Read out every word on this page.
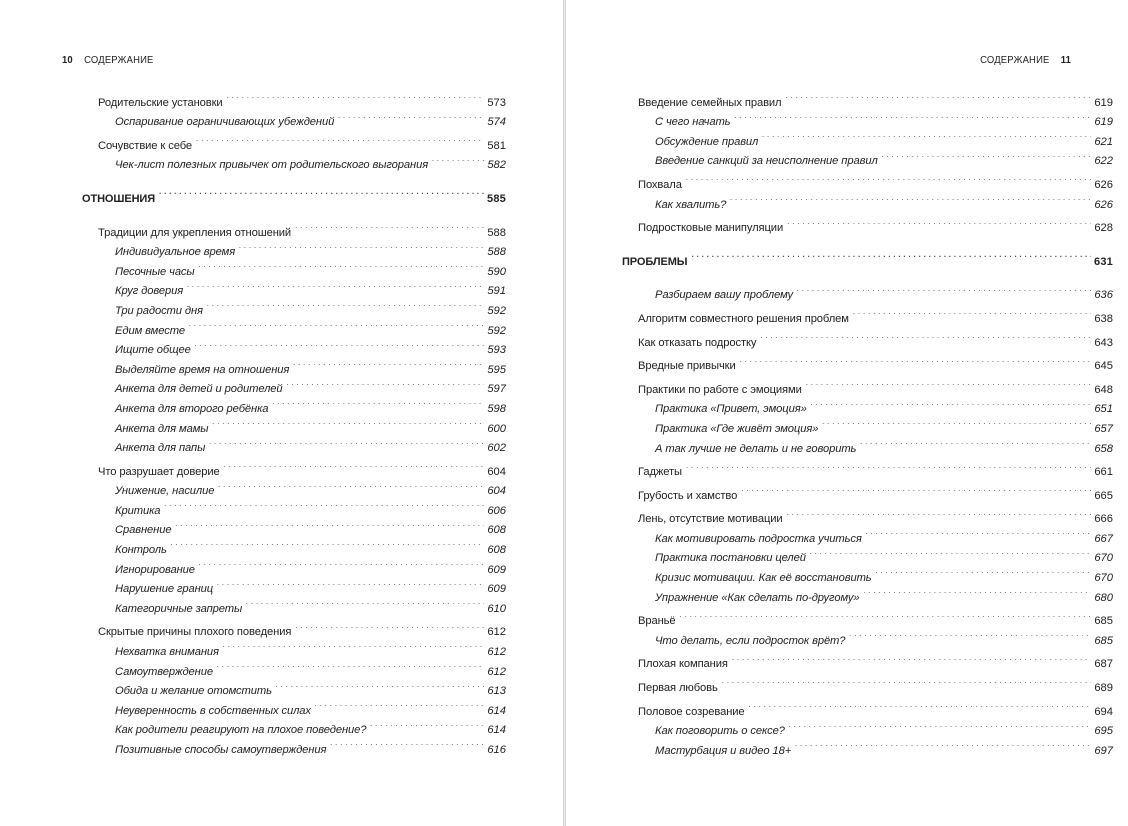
10 СОДЕРЖАНИЕ
Родительские установки . . .	573
Оспаривание ограничивающих убеждений . . .	574
Сочувствие к себе . . .	581
Чек-лист полезных привычек от родительского выгорания . . .	582
ОТНОШЕНИЯ . . .	585
Традиции для укрепления отношений . . .	588
Индивидуальное время . . .	588
Песочные часы . . .	590
Круг доверия . . .	591
Три радости дня . . .	592
Едим вместе . . .	592
Ищите общее . . .	593
Выделяйте время на отношения . . .	595
Анкета для детей и родителей . . .	597
Анкета для второго ребёнка . . .	598
Анкета для мамы . . .	600
Анкета для папы . . .	602
Что разрушает доверие . . .	604
Унижение, насилие . . .	604
Критика . . .	606
Сравнение . . .	608
Контроль . . .	608
Игнорирование . . .	609
Нарушение границ . . .	609
Категоричные запреты . . .	610
Скрытые причины плохого поведения . . .	612
Нехватка внимания . . .	612
Самоутверждение . . .	612
Обида и желание отомстить . . .	613
Неуверенность в собственных силах . . .	614
Как родители реагируют на плохое поведение? . . .	614
Позитивные способы самоутверждения . . .	616
СОДЕРЖАНИЕ 11
Введение семейных правил . . .	619
С чего начать . . .	619
Обсуждение правил . . .	621
Введение санкций за неисполнение правил . . .	622
Похвала . . .	626
Как хвалить? . . .	626
Подростковые манипуляции . . .	628
ПРОБЛЕМЫ . . .	631
Разбираем вашу проблему . . .	636
Алгоритм совместного решения проблем . . .	638
Как отказать подростку . . .	643
Вредные привычки . . .	645
Практики по работе с эмоциями . . .	648
Практика «Привет, эмоция» . . .	651
Практика «Где живёт эмоция» . . .	657
А так лучше не делать и не говорить . . .	658
Гаджеты . . .	661
Грубость и хамство . . .	665
Лень, отсутствие мотивации . . .	666
Как мотивировать подростка учиться . . .	667
Практика постановки целей . . .	670
Кризис мотивации. Как её восстановить . . .	670
Упражнение «Как сделать по-другому» . . .	680
Враньё . . .	685
Что делать, если подросток врёт? . . .	685
Плохая компания . . .	687
Первая любовь . . .	689
Половое созревание . . .	694
Как поговорить о сексе? . . .	695
Мастурбация и видео 18+ . . .	697
